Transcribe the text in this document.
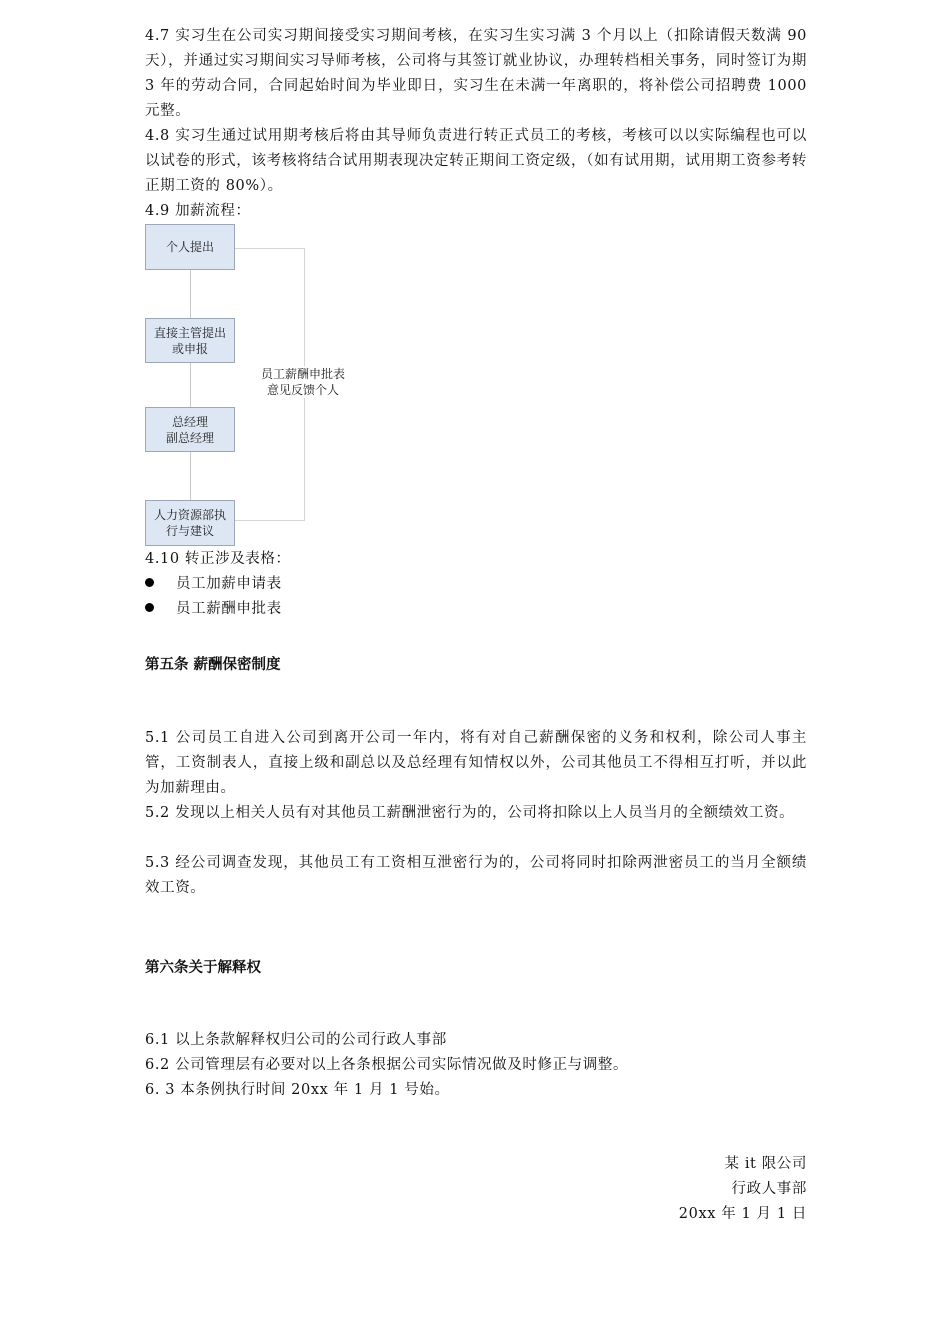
4.7 实习生在公司实习期间接受实习期间考核，在实习生实习满 3 个月以上（扣除请假天数满 90 天），并通过实习期间实习导师考核，公司将与其签订就业协议，办理转档相关事务，同时签订为期 3 年的劳动合同，合同起始时间为毕业即日，实习生在未满一年离职的，将补偿公司招聘费 1000 元整。

4.8 实习生通过试用期考核后将由其导师负责进行转正式员工的考核，考核可以以实际编程也可以以试卷的形式，该考核将结合试用期表现决定转正期间工资定级，（如有试用期，试用期工资参考转正期工资的 80%）。

4.9 加薪流程：

员工薪酬申批表
意见反馈个人
个人提出
直接主管提出或申报
总经理
副总经理
人力资源部执行与建议

4.10 转正涉及表格：

员工加薪申请表
员工薪酬申批表

第五条 薪酬保密制度

5.1 公司员工自进入公司到离开公司一年内，将有对自己薪酬保密的义务和权利，除公司人事主管，工资制表人，直接上级和副总以及总经理有知情权以外，公司其他员工不得相互打听，并以此为加薪理由。

5.2 发现以上相关人员有对其他员工薪酬泄密行为的，公司将扣除以上人员当月的全额绩效工资。

5.3 经公司调查发现，其他员工有工资相互泄密行为的，公司将同时扣除两泄密员工的当月全额绩效工资。

第六条关于解释权

6.1 以上条款解释权归公司的公司行政人事部

6.2 公司管理层有必要对以上各条根据公司实际情况做及时修正与调整。

6. 3 本条例执行时间 20xx 年 1 月 1 号始。

某 it 限公司

行政人事部

20xx 年 1 月 1 日
